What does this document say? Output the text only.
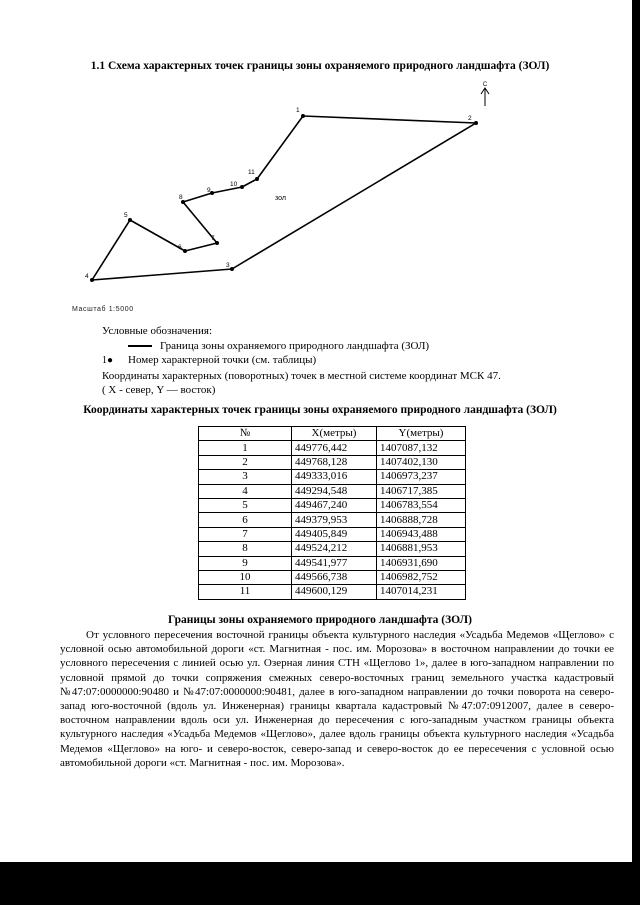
1.1 Схема характерных точек границы зоны охраняемого природного ландшафта (ЗОЛ)
С
1
2
3
4
5
6
7
8
9
10
11
зол
Масштаб 1:5000
Условные обозначения:
Граница зоны охраняемого природного ландшафта (ЗОЛ)
1● Номер характерной точки (см. таблицы)
Координаты характерных (поворотных) точек в местной системе координат МСК 47.
( X - север, Y — восток)
Координаты характерных точек границы зоны охраняемого природного ландшафта (ЗОЛ)
№	X(метры)	Y(метры)
1	449776,442	1407087,132
2	449768,128	1407402,130
3	449333,016	1406973,237
4	449294,548	1406717,385
5	449467,240	1406783,554
6	449379,953	1406888,728
7	449405,849	1406943,488
8	449524,212	1406881,953
9	449541,977	1406931,690
10	449566,738	1406982,752
11	449600,129	1407014,231
Границы зоны охраняемого природного ландшафта (ЗОЛ)
От условного пересечения восточной границы объекта культурного наследия «Усадьба Медемов «Щеглово» с условной осью автомобильной дороги «ст. Магнитная - пос. им. Морозова» в восточном направлении до точки ее условного пересечения с линией осью ул. Озерная линия СТН «Щеглово 1», далее в юго-западном направлении по условной прямой до точки сопряжения смежных северо-восточных границ земельного участка кадастровый №47:07:0000000:90480 и №47:07:0000000:90481, далее в юго-западном направлении до точки поворота на северо-запад юго-восточной (вдоль ул. Инженерная) границы квартала кадастровый №47:07:0912007, далее в северо-восточном направлении вдоль оси ул. Инженерная до пересечения с юго-западным участком границы объекта культурного наследия «Усадьба Медемов «Щеглово», далее вдоль границы объекта культурного наследия «Усадьба Медемов «Щеглово» на юго- и северо-восток, северо-запад и северо-восток до ее пересечения с условной осью автомобильной дороги «ст. Магнитная - пос. им. Морозова».
